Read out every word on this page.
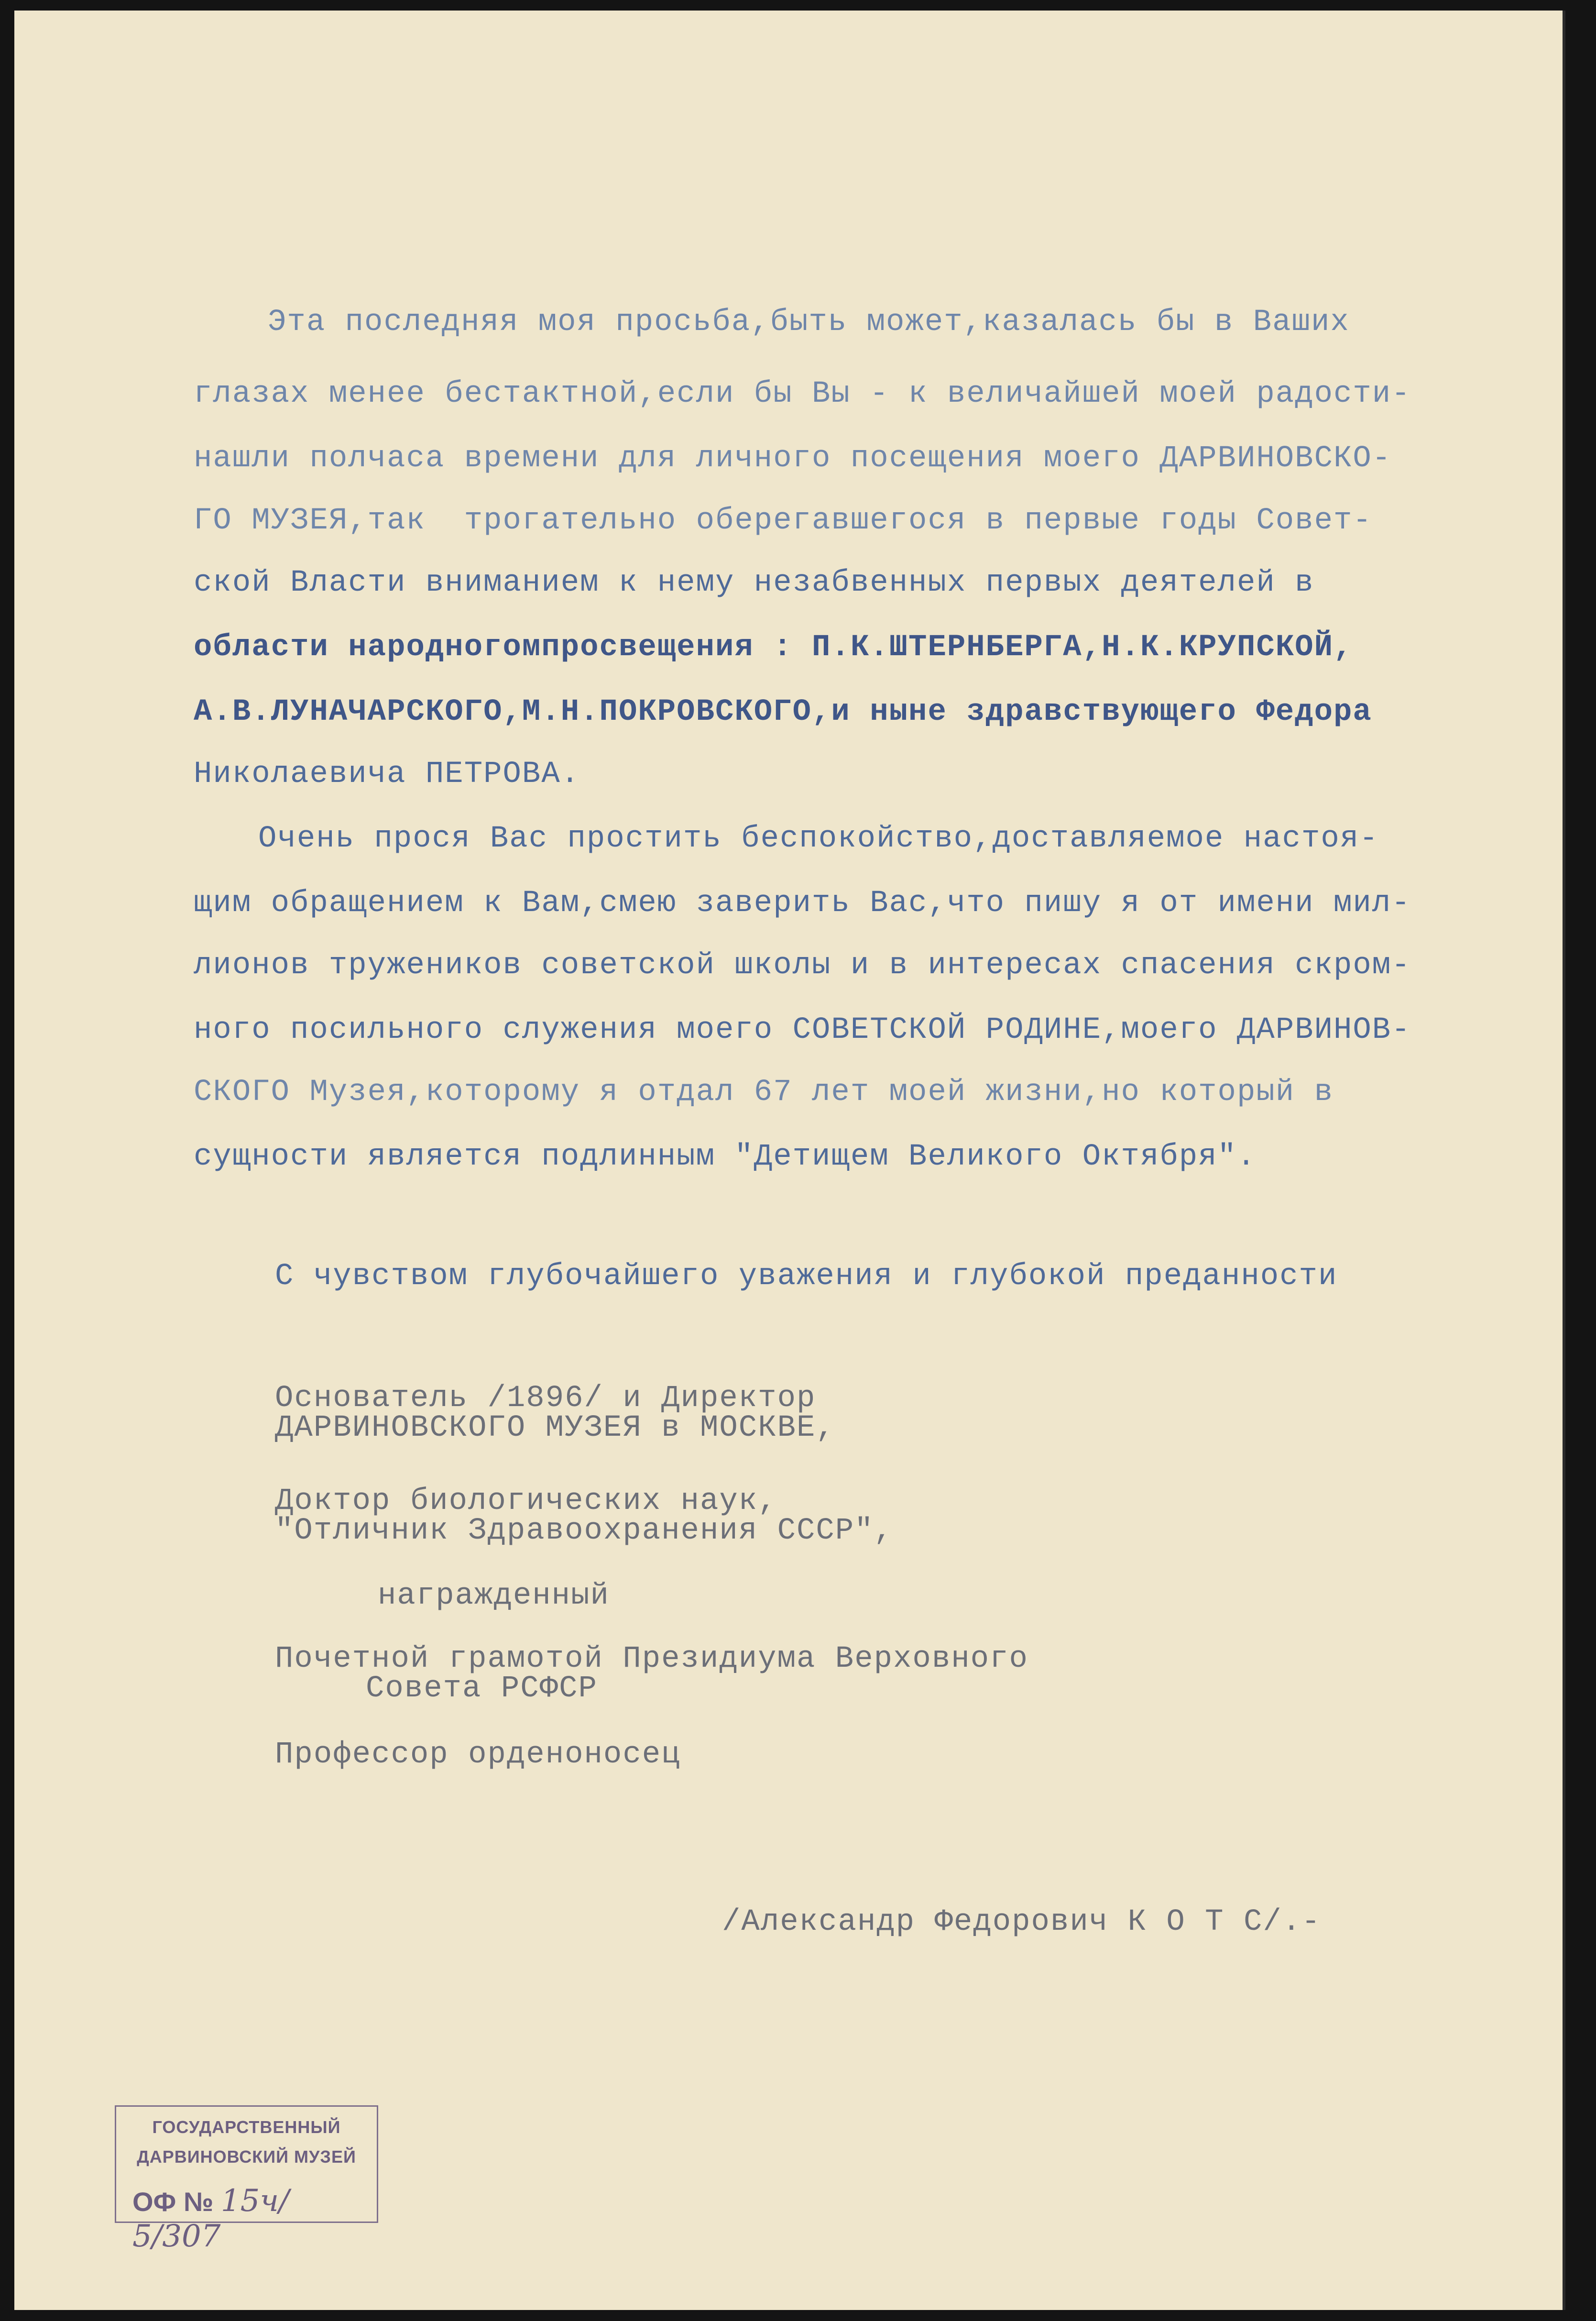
Эта последняя моя просьба,быть может,казалась бы в Ваших
глазах менее бестактной,если бы Вы - к величайшей моей радости-
нашли полчаса времени для личного посещения моего ДАРВИНОВСКО-
ГО МУЗЕЯ,так  трогательно оберегавшегося в первые годы Совет-
ской Власти вниманием к нему незабвенных первых деятелей в
области народногомпросвещения : П.К.ШТЕРНБЕРГА,Н.К.КРУПСКОЙ,
А.В.ЛУНАЧАРСКОГО,М.Н.ПОКРОВСКОГО,и ныне здравствующего Федора
Николаевича ПЕТРОВА.
Очень прося Вас простить беспокойство,доставляемое настоя-
щим обращением к Вам,смею заверить Вас,что пишу я от имени мил-
лионов тружеников советской школы и в интересах спасения скром-
ного посильного служения моего СОВЕТСКОЙ РОДИНЕ,моего ДАРВИНОВ-
СКОГО Музея,которому я отдал 67 лет моей жизни,но который в
сущности является подлинным "Детищем Великого Октября".
С чувством глубочайшего уважения и глубокой преданности
Основатель /1896/ и Директор
ДАРВИНОВСКОГО МУЗЕЯ в МОСКВЕ,
Доктор биологических наук,
"Отличник Здравоохранения СССР",
награжденный
Почетной грамотой Президиума Верховного
Совета РСФСР
Профессор орденоносец
/Александр Федорович К О Т С/.-
ГОСУДАРСТВЕННЫЙ
ДАРВИНОВСКИЙ МУЗЕЙ
ОФ № 15ч/ 5/307
